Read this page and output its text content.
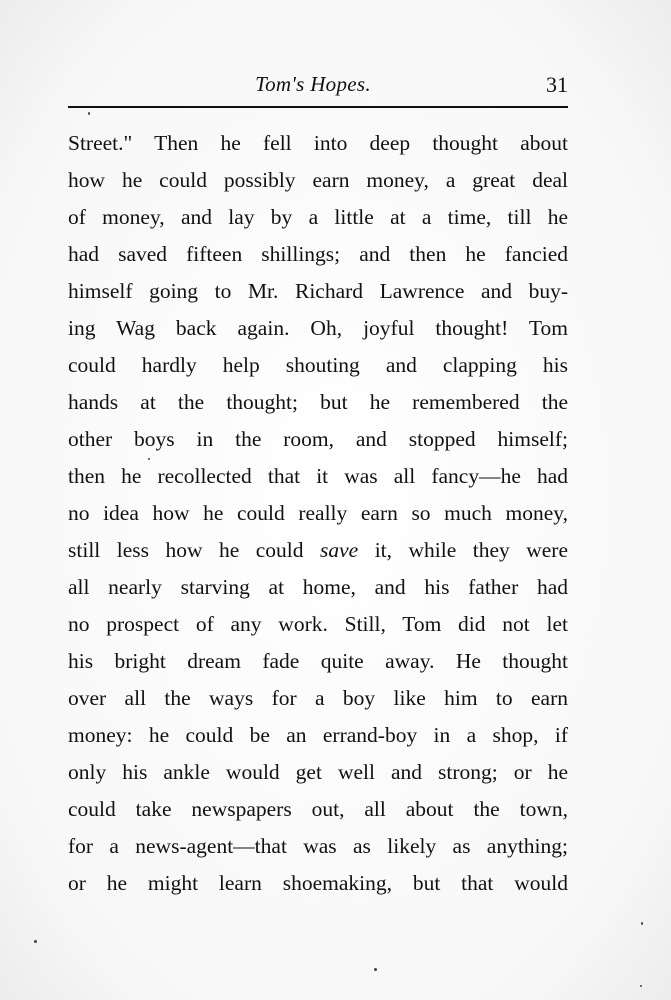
Tom's Hopes.	31
Street." Then he fell into deep thought about
how he could possibly earn money, a great deal
of money, and lay by a little at a time, till he
had saved fifteen shillings; and then he fancied
himself going to Mr. Richard Lawrence and buy-
ing Wag back again. Oh, joyful thought! Tom
could hardly help shouting and clapping his
hands at the thought; but he remembered the
other boys in the room, and stopped himself;
then he recollected that it was all fancy—he had
no idea how he could really earn so much money,
still less how he could save it, while they were
all nearly starving at home, and his father had
no prospect of any work. Still, Tom did not let
his bright dream fade quite away. He thought
over all the ways for a boy like him to earn
money: he could be an errand-boy in a shop, if
only his ankle would get well and strong; or he
could take newspapers out, all about the town,
for a news-agent—that was as likely as anything;
or he might learn shoemaking, but that would
